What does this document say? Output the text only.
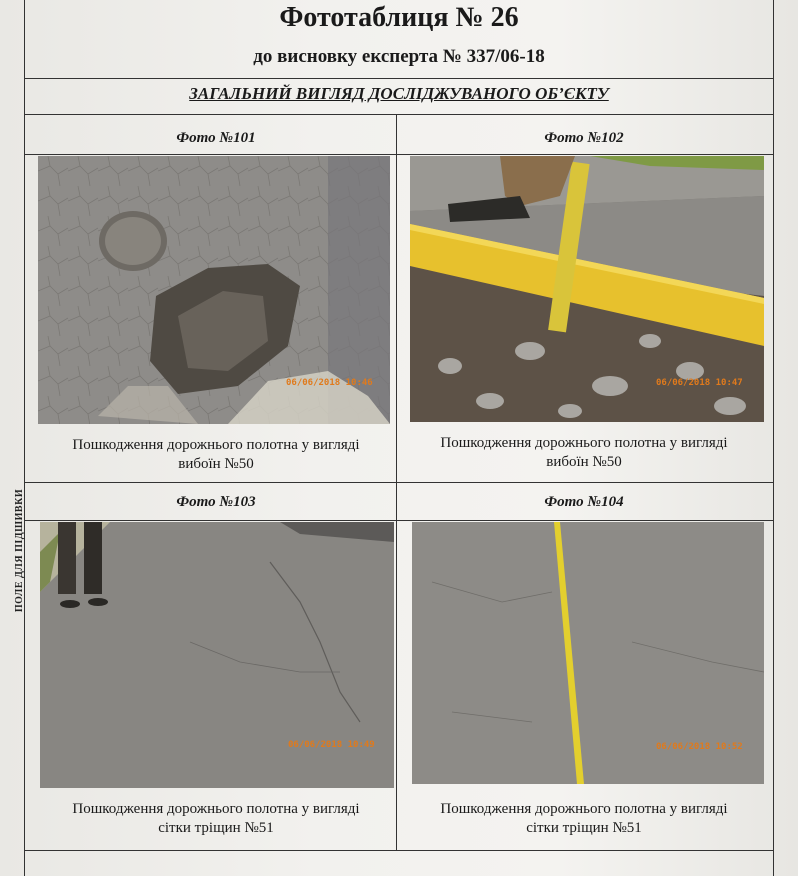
ПОЛЕ ДЛЯ ПІДШИВКИ
Фототаблиця № 26
до висновку експерта № 337/06-18
ЗАГАЛЬНИЙ ВИГЛЯД ДОСЛІДЖУВАНОГО ОБ’ЄКТУ
Фото №101
06/06/2018 10:46
Пошкодження дорожнього полотна у вигляді
вибоїн №50
Фото №102
06/06/2018 10:47
Пошкодження дорожнього полотна у вигляді
вибоїн №50
Фото №103
06/06/2018 10:49
Пошкодження дорожнього полотна у вигляді
сітки тріщин №51
Фото №104
06/06/2018 10:52
Пошкодження дорожнього полотна у вигляді
сітки тріщин №51
